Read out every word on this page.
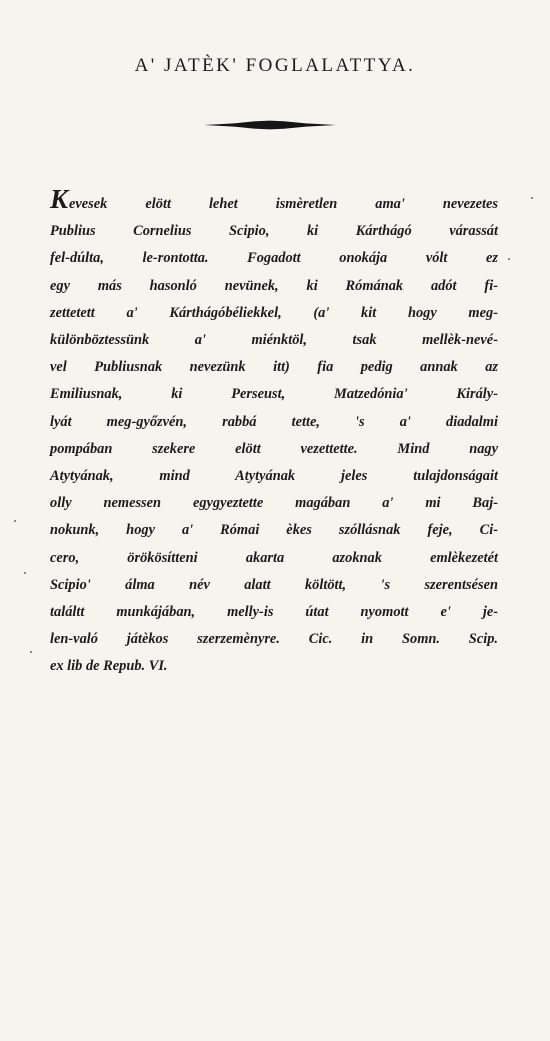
A' JATÈK' FOGLALATTYA.
Kevesek elött lehet ismèretlen ama' nevezetes
Publius Cornelius Scipio, ki Kárthágó várassát
fel-dúlta, le-rontotta. Fogadott onokája vólt ez
egy más hasonló nevünek, ki Rómának adót fi-
zettetett a' Kárthágóbéliekkel, (a' kit hogy meg-
különböztessünk a' miénktöl, tsak mellèk-nevé-
vel Publiusnak nevezünk itt) fia pedig annak az
Emiliusnak, ki Perseust, Matzedónia' Király-
lyát meg-győzvén, rabbá tette, 's a' diadalmi
pompában szekere elött vezettette. Mind nagy
Atytyának, mind Atytyának jeles tulajdonságait
olly nemessen egygyeztette magában a' mi Baj-
nokunk, hogy a' Római èkes szóllásnak feje, Ci-
cero, örökösítteni akarta azoknak emlèkezetét
Scipio' álma név alatt költött, 's szerentsésen
találtt munkájában, melly-is útat nyomott e' je-
len-való játèkos szerzemènyre. Cic. in Somn. Scip.
ex lib de Repub. VI.
